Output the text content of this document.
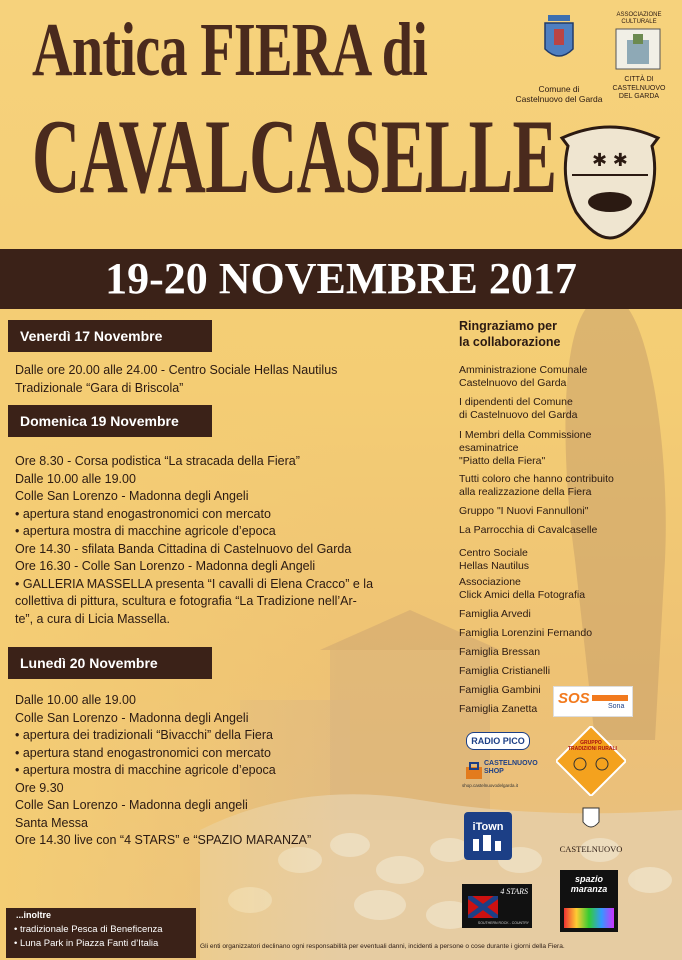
Antica FIERA di
CAVALCASELLE
Comune di
Castelnuovo del Garda
ASSOCIAZIONE
CULTURALE
CITTÀ DI
CASTELNUOVO
DEL GARDA
✱ ✱
19-20 NOVEMBRE 2017
Venerdì 17 Novembre
Dalle ore 20.00 alle 24.00 - Centro Sociale Hellas Nautilus
Tradizionale “Gara di Briscola”
Domenica 19 Novembre
Ore 8.30 - Corsa podistica “La stracada della Fiera”
Dalle 10.00 alle 19.00
Colle San Lorenzo - Madonna degli Angeli
• apertura stand enogastronomici con mercato
• apertura mostra di macchine agricole d’epoca
Ore 14.30 - sfilata Banda Cittadina di Castelnuovo del Garda
Ore 16.30 - Colle San Lorenzo - Madonna degli Angeli
• GALLERIA MASSELLA presenta “I cavalli di Elena Cracco” e la
collettiva di pittura, scultura e fotografia “La Tradizione nell’Ar-
te”, a cura di Licia Massella.
Lunedì 20 Novembre
Dalle 10.00 alle 19.00
Colle San Lorenzo - Madonna degli Angeli
• apertura dei tradizionali “Bivacchi” della Fiera
• apertura stand enogastronomici con mercato
• apertura mostra di macchine agricole d’epoca
Ore 9.30
Colle San Lorenzo - Madonna degli angeli
Santa Messa
Ore 14.30 live con “4 STARS” e “SPAZIO MARANZA”
Ringraziamo per
la collaborazione
Amministrazione Comunale
Castelnuovo del Garda
I dipendenti del Comune
di Castelnuovo del Garda
I Membri della Commissione
esaminatrice
"Piatto della Fiera"
Tutti coloro che hanno contribuito
alla realizzazione della Fiera
Gruppo "I Nuovi Fannulloni"
La Parrocchia di Cavalcaselle
Centro Sociale
Hellas Nautilus
Associazione
Click Amici della Fotografia
Famiglia Arvedi
Famiglia Lorenzini Fernando
Famiglia Bressan
Famiglia Cristianelli
Famiglia Gambini
Famiglia Zanetta
SOS	Sona
RADIO PICO	GRUPPO
TRADIZIONI RURALI
CASTELNUOVO
SHOP
shop.castelnuovodelgarda.it
iTown
CASTELNUOVO
4 STARS
SOUTHERN ROCK - COUNTRY
spazio
maranza
...inoltre
• tradizionale Pesca di Beneficenza
• Luna Park in Piazza Fanti d’Italia	Gli enti organizzatori declinano ogni responsabilità per eventuali danni, incidenti a persone o cose durante i giorni della Fiera.
